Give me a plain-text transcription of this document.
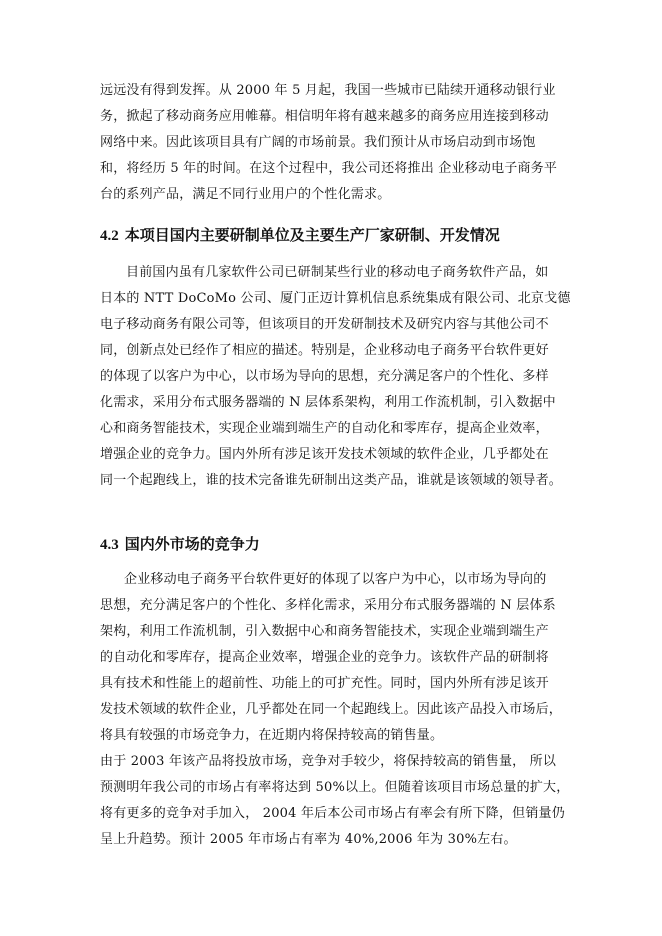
远远没有得到发挥。从 2000 年 5 月起，我国一些城市已陆续开通移动银行业
务，掀起了移动商务应用帷幕。相信明年将有越来越多的商务应用连接到移动
网络中来。因此该项目具有广阔的市场前景。我们预计从市场启动到市场饱
和，将经历 5 年的时间。在这个过程中，我公司还将推出 企业移动电子商务平
台的系列产品，满足不同行业用户的个性化需求。
4.2 本项目国内主要研制单位及主要生产厂家研制、开发情况
目前国内虽有几家软件公司已研制某些行业的移动电子商务软件产品，如
日本的 NTT DoCoMo 公司、厦门正迈计算机信息系统集成有限公司、北京戈德
电子移动商务有限公司等，但该项目的开发研制技术及研究内容与其他公司不
同，创新点处已经作了相应的描述。特别是，企业移动电子商务平台软件更好
的体现了以客户为中心，以市场为导向的思想，充分满足客户的个性化、多样
化需求，采用分布式服务器端的 N 层体系架构，利用工作流机制，引入数据中
心和商务智能技术，实现企业端到端生产的自动化和零库存，提高企业效率，
增强企业的竞争力。国内外所有涉足该开发技术领域的软件企业，几乎都处在
同一个起跑线上，谁的技术完备谁先研制出这类产品，谁就是该领域的领导者。
4.3 国内外市场的竞争力
企业移动电子商务平台软件更好的体现了以客户为中心，以市场为导向的
思想，充分满足客户的个性化、多样化需求，采用分布式服务器端的 N 层体系
架构，利用工作流机制，引入数据中心和商务智能技术，实现企业端到端生产
的自动化和零库存，提高企业效率，增强企业的竞争力。该软件产品的研制将
具有技术和性能上的超前性、功能上的可扩充性。同时，国内外所有涉足该开
发技术领域的软件企业，几乎都处在同一个起跑线上。因此该产品投入市场后，
将具有较强的市场竞争力，在近期内将保持较高的销售量。
由于 2003 年该产品将投放市场，竞争对手较少，将保持较高的销售量， 所以
预测明年我公司的市场占有率将达到 50%以上。但随着该项目市场总量的扩大，
将有更多的竞争对手加入， 2004 年后本公司市场占有率会有所下降，但销量仍
呈上升趋势。预计 2005 年市场占有率为 40%,2006 年为 30%左右。
